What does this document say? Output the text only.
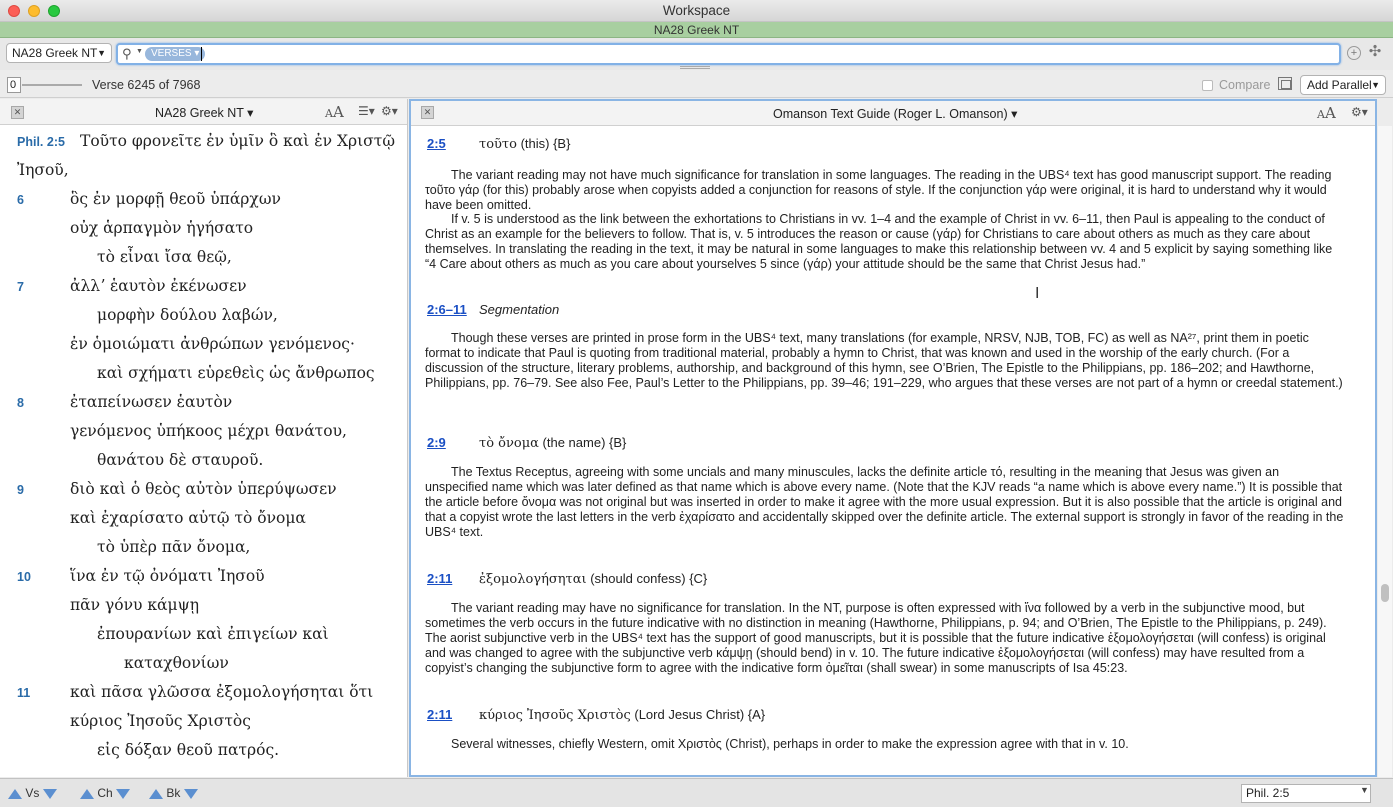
Workspace
NA28 Greek NT
NA28 Greek NT ▼ ⚲ ▼ VERSES ▾	+ ✣
0	Verse 6245 of 7968	Compare	Add Parallel ▼
✕	NA28 Greek NT ▾	AA ☰▾ ⚙▾
Phil. 2:5 Τοῦτο φρονεῖτε ἐν ὑμῖν ὃ καὶ ἐν Χριστῷ
Ἰησοῦ,
6	ὃς ἐν μορφῇ θεοῦ ὑπάρχων
οὐχ ἁρπαγμὸν ἡγήσατο
τὸ εἶναι ἴσα θεῷ,
7	ἀλλʼ ἑαυτὸν ἐκένωσεν
μορφὴν δούλου λαβών,
ἐν ὁμοιώματι ἀνθρώπων γενόμενος·
καὶ σχήματι εὑρεθεὶς ὡς ἄνθρωπος
8	ἐταπείνωσεν ἑαυτὸν
γενόμενος ὑπήκοος μέχρι θανάτου,
θανάτου δὲ σταυροῦ.
9	διὸ καὶ ὁ θεὸς αὐτὸν ὑπερύψωσεν
καὶ ἐχαρίσατο αὐτῷ τὸ ὄνομα
τὸ ὑπὲρ πᾶν ὄνομα,
10	ἵνα ἐν τῷ ὀνόματι Ἰησοῦ
πᾶν γόνυ κάμψῃ
ἐπουρανίων καὶ ἐπιγείων καὶ
καταχθονίων
11	καὶ πᾶσα γλῶσσα ἐξομολογήσηται ὅτι
κύριος Ἰησοῦς Χριστὸς
εἰς δόξαν θεοῦ πατρός.
✕	Omanson Text Guide (Roger L. Omanson) ▾	AA ⚙▾
2:5	τοῦτο (this) {B}
The variant reading may not have much significance for translation in some languages. The reading in the UBS⁴ text has good manuscript support. The reading τοῦτο γάρ (for this) probably arose when copyists added a conjunction for reasons of style. If the conjunction γάρ were original, it is hard to understand why it would have been omitted.
If v. 5 is understood as the link between the exhortations to Christians in vv. 1–4 and the example of Christ in vv. 6–11, then Paul is appealing to the conduct of Christ as an example for the believers to follow. That is, v. 5 introduces the reason or cause (γάρ) for Christians to care about others as much as they care about themselves. In translating the reading in the text, it may be natural in some languages to make this relationship between vv. 4 and 5 explicit by saying something like “4 Care about others as much as you care about yourselves 5 since (γάρ) your attitude should be the same that Christ Jesus had.”
2:6–11 Segmentation
Though these verses are printed in prose form in the UBS⁴ text, many translations (for example, NRSV, NJB, TOB, FC) as well as NA²⁷, print them in poetic format to indicate that Paul is quoting from traditional material, probably a hymn to Christ, that was known and used in the worship of the early church. (For a discussion of the structure, literary problems, authorship, and background of this hymn, see O’Brien, The Epistle to the Philippians, pp. 186–202; and Hawthorne, Philippians, pp. 76–79. See also Fee, Paul’s Letter to the Philippians, pp. 39–46; 191–229, who argues that these verses are not part of a hymn or creedal statement.)
2:9	τὸ ὄνομα (the name) {B}
The Textus Receptus, agreeing with some uncials and many minuscules, lacks the definite article τό, resulting in the meaning that Jesus was given an unspecified name which was later defined as that name which is above every name. (Note that the KJV reads “a name which is above every name.”) It is possible that the article before ὄνομα was not original but was inserted in order to make it agree with the more usual expression. But it is also possible that the article is original and that a copyist wrote the last letters in the verb ἐχαρίσατο and accidentally skipped over the definite article. The external support is strongly in favor of the reading in the UBS⁴ text.
2:11 ἐξομολογήσηται (should confess) {C}
The variant reading may have no significance for translation. In the NT, purpose is often expressed with ἵνα followed by a verb in the subjunctive mood, but sometimes the verb occurs in the future indicative with no distinction in meaning (Hawthorne, Philippians, p. 94; and O’Brien, The Epistle to the Philippians, p. 249). The aorist subjunctive verb in the UBS⁴ text has the support of good manuscripts, but it is possible that the future indicative ἐξομολογήσεται (will confess) is original and was changed to agree with the subjunctive verb κάμψῃ (should bend) in v. 10. The future indicative ἐξομολογήσεται (will confess) may have resulted from a copyist’s changing the subjunctive form to agree with the indicative form ὀμεῖται (shall swear) in some manuscripts of Isa 45:23.
2:11 κύριος Ἰησοῦς Χριστὸς (Lord Jesus Christ) {A}
Several witnesses, chiefly Western, omit Χριστὸς (Christ), perhaps in order to make the expression agree with that in v. 10.
I
Vs	Ch	Bk	Phil. 2:5	▼
